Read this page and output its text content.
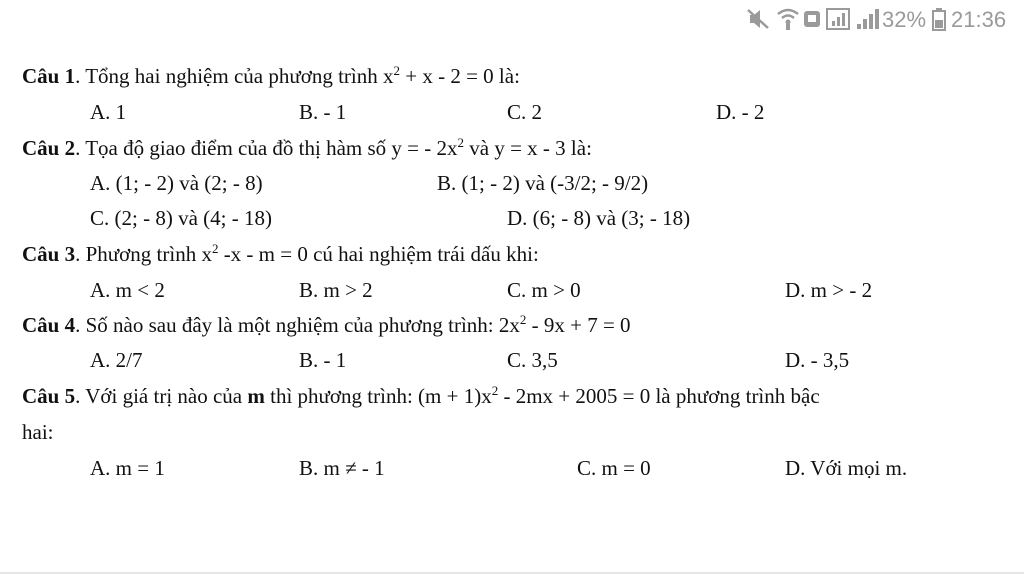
32% 21:36
Câu 1. Tổng hai nghiệm của phương trình $x^2 + x - 2 = 0$ là:
A. 1	B. - 1	C. 2	D. - 2
Câu 2. Tọa độ giao điểm của đồ thị hàm số y = - $2x^2$ và y = x - 3 là:
A. (1; - 2) và (2; - 8)	B. (1; - 2) và (-3/2; - 9/2)
C. (2; - 8) và (4; - 18)	D. (6; - 8) và (3; - 18)
Câu 3. Phương trình $x^2$ -x - m = 0 cú hai nghiệm trái dấu khi:
A. m < 2	B. m > 2	C. m > 0	D. m > - 2
Câu 4. Số nào sau đây là một nghiệm của phương trình: $2x^2 - 9x + 7 = 0$
A. 2/7	B. - 1	C. 3,5	D. - 3,5
Câu 5. Với giá trị nào của m thì phương trình: $(m + 1)x^2 - 2mx + 2005 = 0$ là phương trình bậc
hai:
A. m = 1	B. m ≠ - 1	C. m = 0	D. Với mọi m.
